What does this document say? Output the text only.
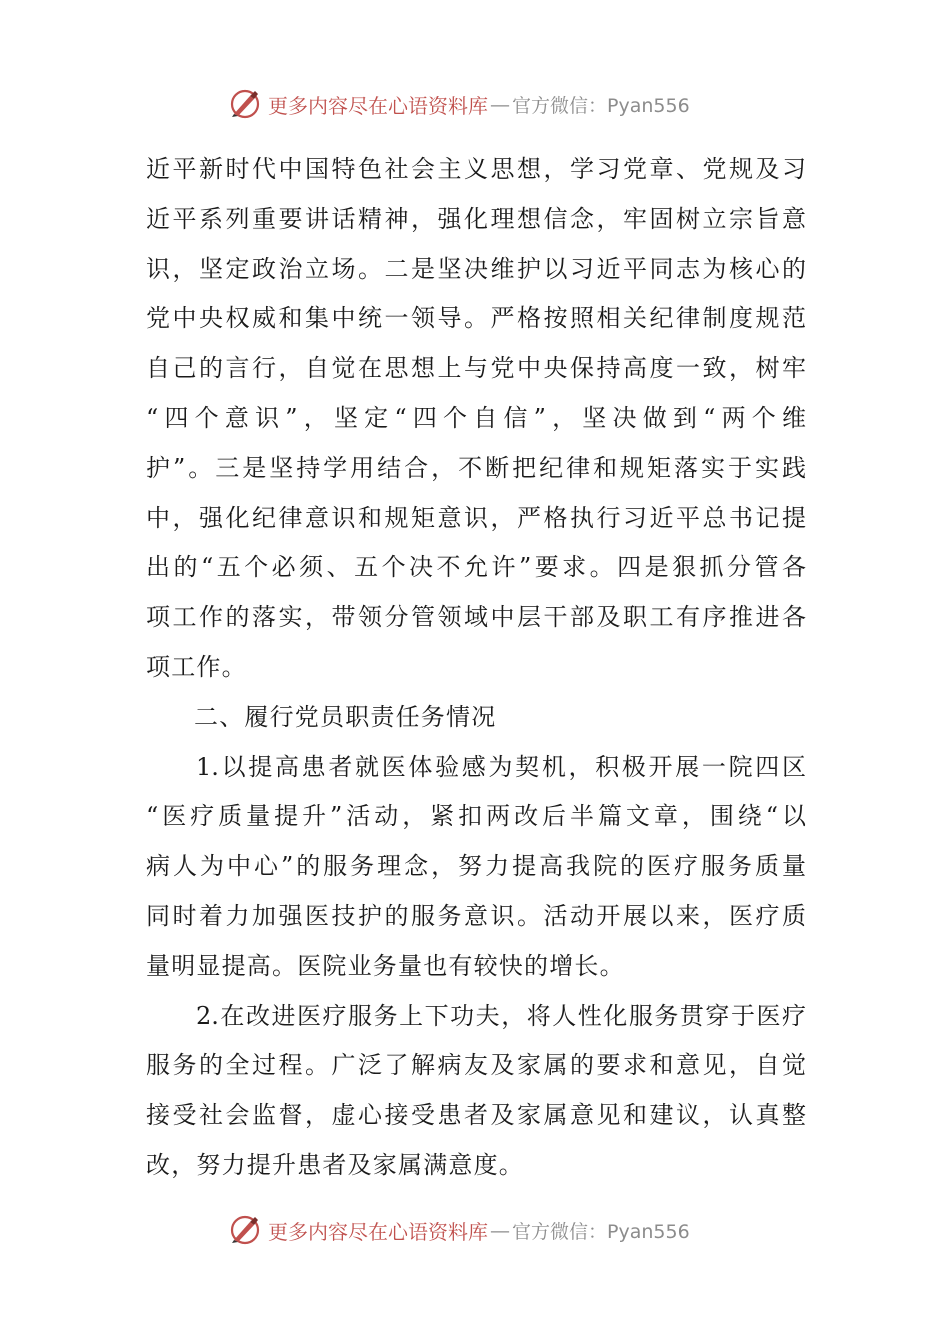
更多内容尽在心语资料库 — 官方微信：Pyan556
近平新时代中国特色社会主义思想，学习党章、党规及习
近平系列重要讲话精神，强化理想信念，牢固树立宗旨意
识，坚定政治立场。二是坚决维护以习近平同志为核心的
党中央权威和集中统一领导。严格按照相关纪律制度规范
自己的言行，自觉在思想上与党中央保持高度一致，树牢
“四个意识”，坚定“四个自信”，坚决做到“两个维
护”。三是坚持学用结合，不断把纪律和规矩落实于实践
中，强化纪律意识和规矩意识，严格执行习近平总书记提
出的“五个必须、五个决不允许”要求。四是狠抓分管各
项工作的落实，带领分管领域中层干部及职工有序推进各
项工作。
二、履行党员职责任务情况
1.以提高患者就医体验感为契机，积极开展一院四区
“医疗质量提升”活动，紧扣两改后半篇文章，围绕“以
病人为中心”的服务理念，努力提高我院的医疗服务质量
同时着力加强医技护的服务意识。活动开展以来，医疗质
量明显提高。医院业务量也有较快的增长。
2.在改进医疗服务上下功夫，将人性化服务贯穿于医疗
服务的全过程。广泛了解病友及家属的要求和意见，自觉
接受社会监督，虚心接受患者及家属意见和建议，认真整
改，努力提升患者及家属满意度。
更多内容尽在心语资料库 — 官方微信：Pyan556
